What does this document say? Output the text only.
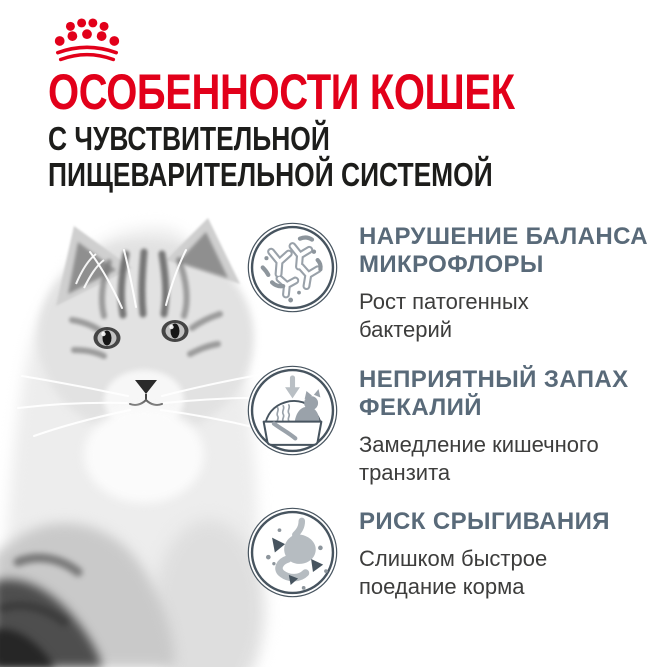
ОСОБЕННОСТИ КОШЕК
С ЧУВСТВИТЕЛЬНОЙ
ПИЩЕВАРИТЕЛЬНОЙ СИСТЕМОЙ
НАРУШЕНИЕ БАЛАНСА
МИКРОФЛОРЫ
Рост патогенных
бактерий
НЕПРИЯТНЫЙ ЗАПАХ
ФЕКАЛИЙ
Замедление кишечного
транзита
РИСК СРЫГИВАНИЯ
Слишком быстрое
поедание корма
